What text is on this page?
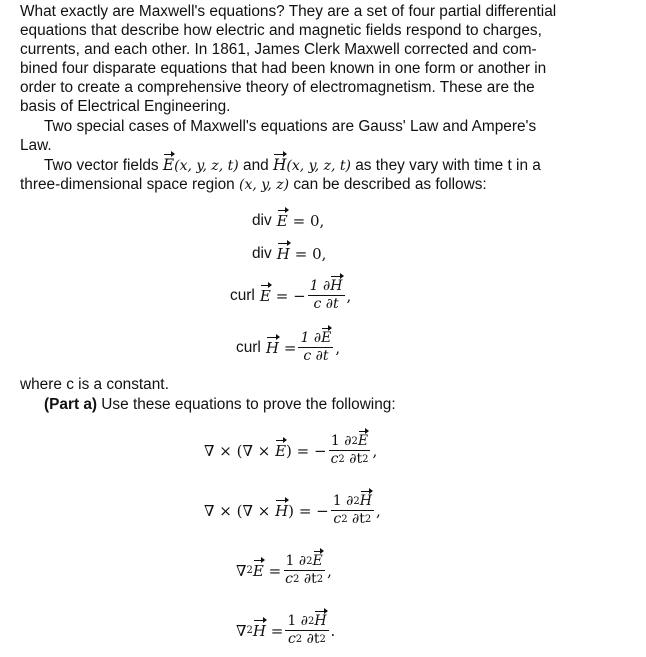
What exactly are Maxwell's equations? They are a set of four partial differential
equations that describe how electric and magnetic fields respond to charges,
currents, and each other. In 1861, James Clerk Maxwell corrected and com-
bined four disparate equations that had been known in one form or another in
order to create a comprehensive theory of electromagnetism. These are the
basis of Electrical Engineering.
Two special cases of Maxwell's equations are Gauss' Law and Ampere's
Law.
Two vector fields E(x, y, z, t) and H(x, y, z, t) as they vary with time t in a
three-dimensional space region (x, y, z) can be described as follows:
div E = 0,
div H = 0,
curl E = − 1
∂ H
c
∂ t ,
curl H = 1
∂ E
c
∂ t ,
where c is a constant.
(Part a) Use these equations to prove the following:
∇
×
(∇ ×
E )
= − 1
∂ 2 E
c 2
∂t 2 ,
∇
×
(∇ ×
H )
= − 1
∂ 2 H
c 2
∂t 2 ,
∇ 2 E
= 1
∂ 2 E
c 2
∂t 2 ,
∇ 2 H
= 1
∂ 2 H
c 2
∂t 2 .
